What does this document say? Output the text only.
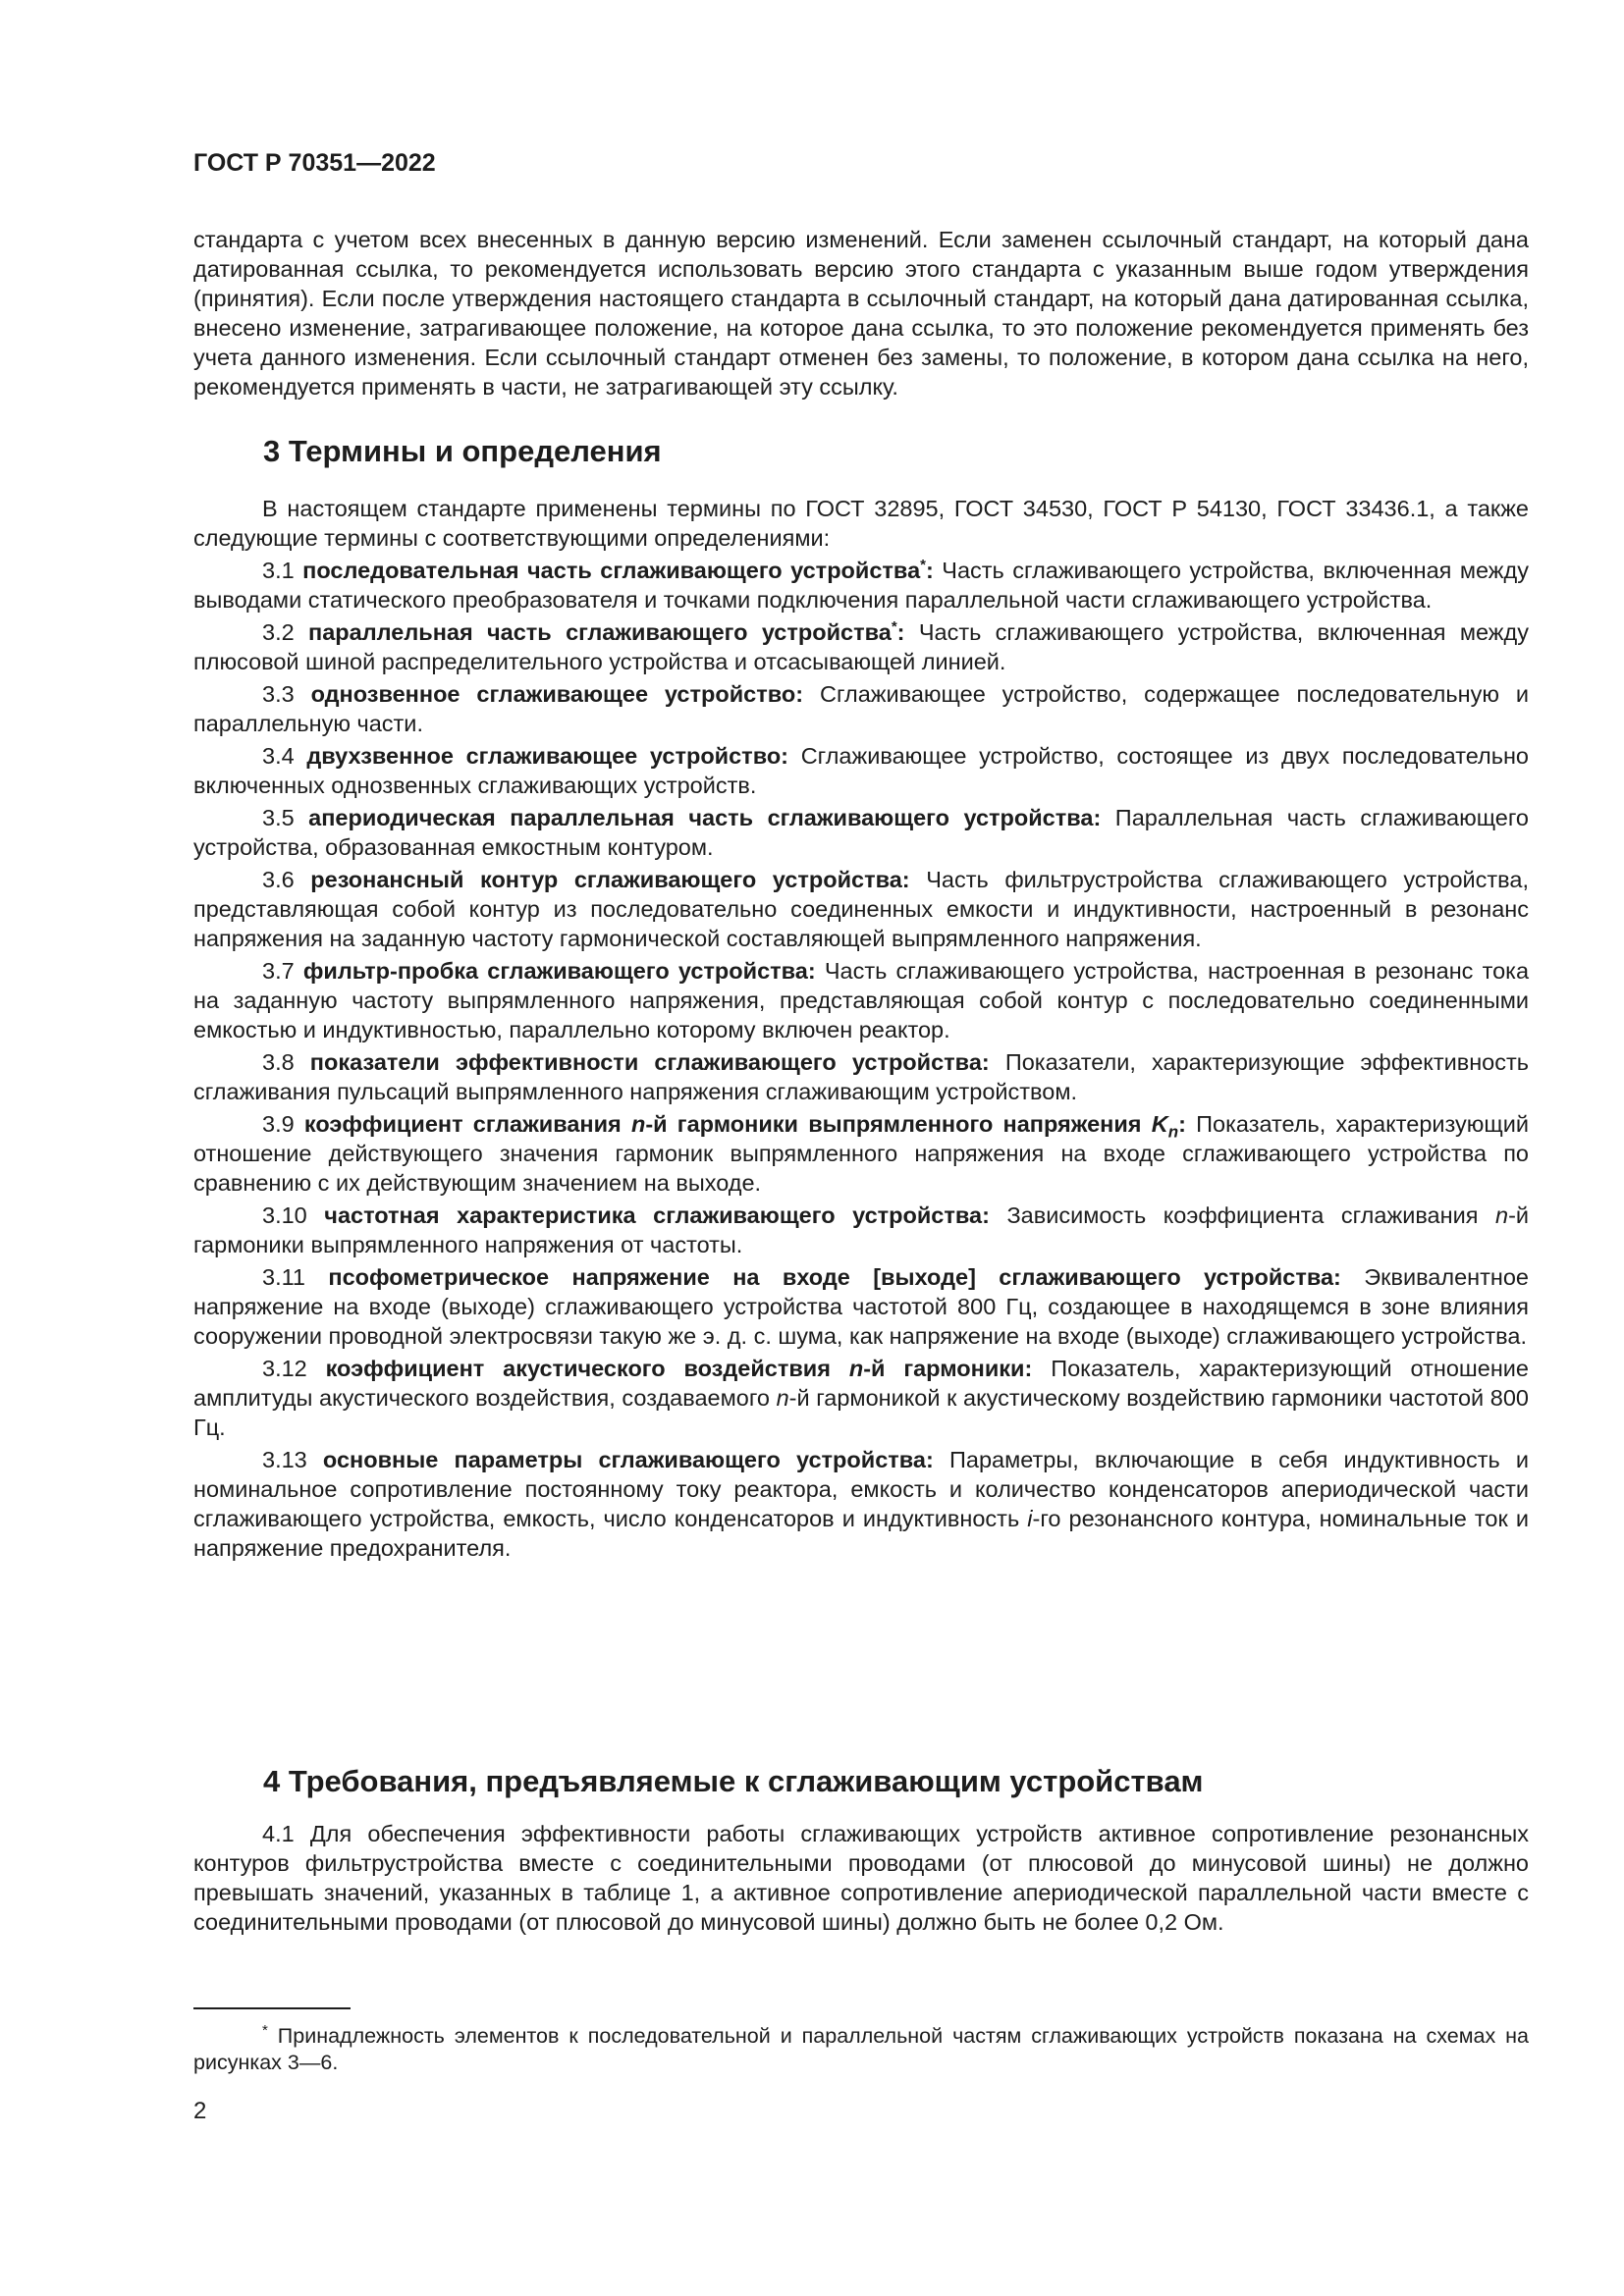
ГОСТ Р 70351—2022

стандарта с учетом всех внесенных в данную версию изменений. Если заменен ссылочный стандарт, на который дана датированная ссылка, то рекомендуется использовать версию этого стандарта с указанным выше годом утверждения (принятия). Если после утверждения настоящего стандарта в ссылочный стандарт, на который дана датированная ссылка, внесено изменение, затрагивающее положение, на которое дана ссылка, то это положение рекомендуется применять без учета данного изменения. Если ссылочный стандарт отменен без замены, то положение, в котором дана ссылка на него, рекомендуется применять в части, не затрагивающей эту ссылку.

3 Термины и определения

В настоящем стандарте применены термины по ГОСТ 32895, ГОСТ 34530, ГОСТ Р 54130, ГОСТ 33436.1, а также следующие термины с соответствующими определениями:

3.1 последовательная часть сглаживающего устройства*: Часть сглаживающего устройства, включенная между выводами статического преобразователя и точками подключения параллельной части сглаживающего устройства.

3.2 параллельная часть сглаживающего устройства*: Часть сглаживающего устройства, включенная между плюсовой шиной распределительного устройства и отсасывающей линией.

3.3 однозвенное сглаживающее устройство: Сглаживающее устройство, содержащее последовательную и параллельную части.

3.4 двухзвенное сглаживающее устройство: Сглаживающее устройство, состоящее из двух последовательно включенных однозвенных сглаживающих устройств.

3.5 апериодическая параллельная часть сглаживающего устройства: Параллельная часть сглаживающего устройства, образованная емкостным контуром.

3.6 резонансный контур сглаживающего устройства: Часть фильтрустройства сглаживающего устройства, представляющая собой контур из последовательно соединенных емкости и индуктивности, настроенный в резонанс напряжения на заданную частоту гармонической составляющей выпрямленного напряжения.

3.7 фильтр-пробка сглаживающего устройства: Часть сглаживающего устройства, настроенная в резонанс тока на заданную частоту выпрямленного напряжения, представляющая собой контур с последовательно соединенными емкостью и индуктивностью, параллельно которому включен реактор.

3.8 показатели эффективности сглаживающего устройства: Показатели, характеризующие эффективность сглаживания пульсаций выпрямленного напряжения сглаживающим устройством.

3.9 коэффициент сглаживания n-й гармоники выпрямленного напряжения $K_n$: Показатель, характеризующий отношение действующего значения гармоник выпрямленного напряжения на входе сглаживающего устройства по сравнению с их действующим значением на выходе.

3.10 частотная характеристика сглаживающего устройства: Зависимость коэффициента сглаживания n-й гармоники выпрямленного напряжения от частоты.

3.11 псофометрическое напряжение на входе [выходе] сглаживающего устройства: Эквивалентное напряжение на входе (выходе) сглаживающего устройства частотой 800 Гц, создающее в находящемся в зоне влияния сооружении проводной электросвязи такую же э. д. с. шума, как напряжение на входе (выходе) сглаживающего устройства.

3.12 коэффициент акустического воздействия n-й гармоники: Показатель, характеризующий отношение амплитуды акустического воздействия, создаваемого n-й гармоникой к акустическому воздействию гармоники частотой 800 Гц.

3.13 основные параметры сглаживающего устройства: Параметры, включающие в себя индуктивность и номинальное сопротивление постоянному току реактора, емкость и количество конденсаторов апериодической части сглаживающего устройства, емкость, число конденсаторов и индуктивность i-го резонансного контура, номинальные ток и напряжение предохранителя.

4 Требования, предъявляемые к сглаживающим устройствам

4.1 Для обеспечения эффективности работы сглаживающих устройств активное сопротивление резонансных контуров фильтрустройства вместе с соединительными проводами (от плюсовой до минусовой шины) не должно превышать значений, указанных в таблице 1, а активное сопротивление апериодической параллельной части вместе с соединительными проводами (от плюсовой до минусовой шины) должно быть не более 0,2 Ом.

* Принадлежность элементов к последовательной и параллельной частям сглаживающих устройств показана на схемах на рисунках 3—6.

2
